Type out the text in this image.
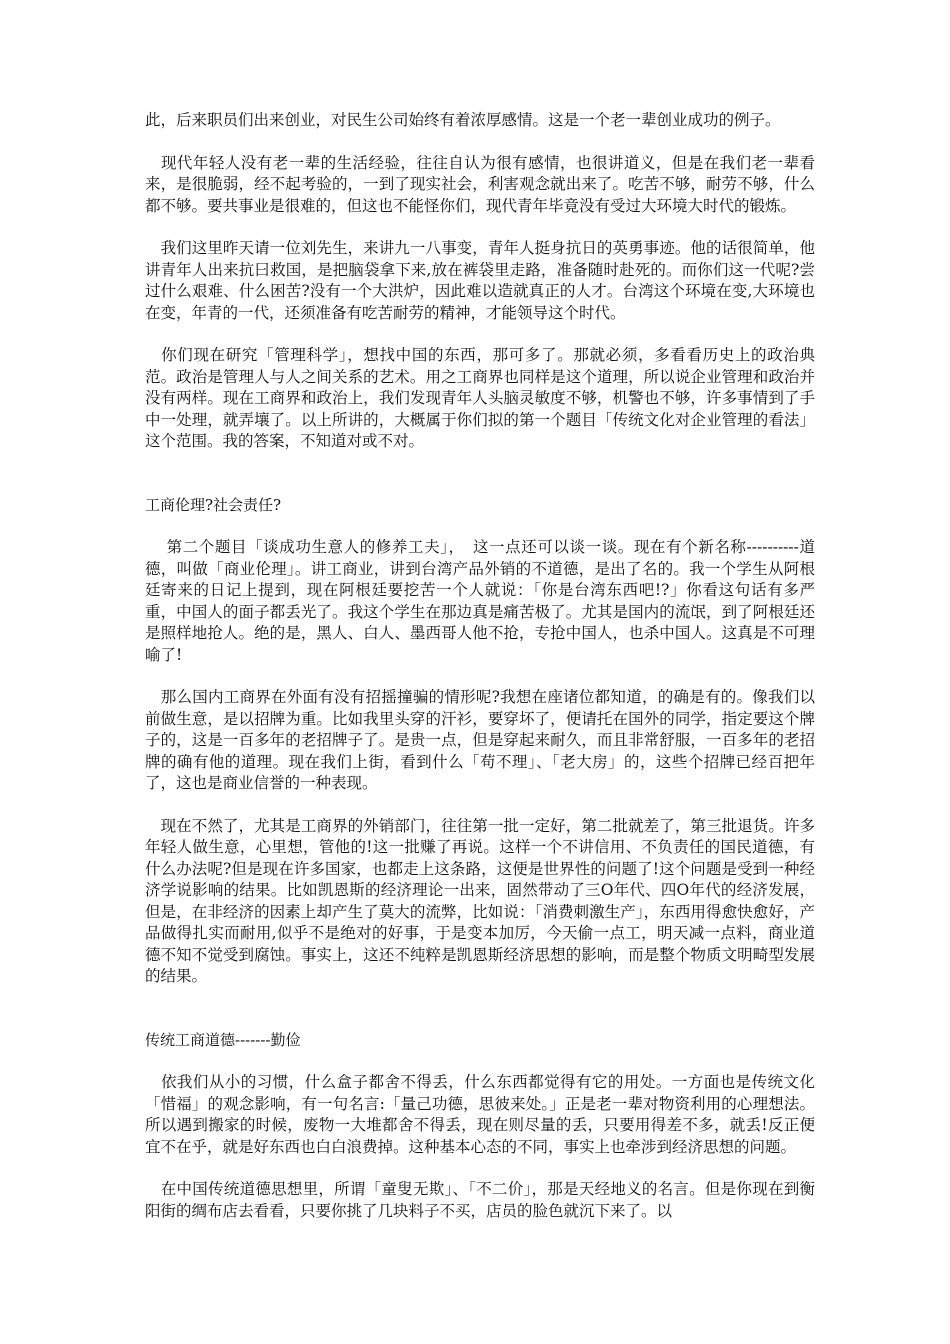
此，后来职员们出来创业，对民生公司始终有着浓厚感情。这是一个老一辈创业成功的例子。

　现代年轻人没有老一辈的生活经验，往往自认为很有感情，也很讲道义，但是在我们老一辈看来，是很脆弱，经不起考验的，一到了现实社会，利害观念就出来了。吃苦不够，耐劳不够，什么都不够。要共事业是很难的，但这也不能怪你们，现代青年毕竟没有受过大环境大时代的锻炼。

　我们这里昨天请一位刘先生，来讲九一八事变，青年人挺身抗日的英勇事迹。他的话很简单，他讲青年人出来抗曰救国，是把脑袋拿下来,放在裤袋里走路，准备随时赴死的。而你们这一代呢?尝过什么艰难、什么困苦?没有一个大洪炉，因此难以造就真正的人才。台湾这个环境在变,大环境也在变，年青的一代，还须准备有吃苦耐劳的精神，才能领导这个时代。

　你们现在研究「管理科学」，想找中国的东西，那可多了。那就必须，多看看历史上的政治典范。政治是管理人与人之间关系的艺术。用之工商界也同样是这个道理，所以说企业管理和政治并没有两样。现在工商界和政治上，我们发现青年人头脑灵敏度不够，机警也不够，许多事情到了手中一处理，就弄壤了。以上所讲的，大概属于你们拟的第一个题目「传统文化对企业管理的看法」这个范围。我的答案，不知道对或不对。

工商伦理?社会责任?

　 第二个题目「谈成功生意人的修养工夫」，　这一点还可以谈一谈。现在有个新名称----------道德，叫做「商业伦理」。讲工商业，讲到台湾产品外销的不道德，是出了名的。我一个学生从阿根廷寄来的日记上提到，现在阿根廷要挖苦一个人就说：「你是台湾东西吧!?」你看这句话有多严重，中国人的面子都丢光了。我这个学生在那边真是痛苦极了。尤其是国内的流氓，到了阿根廷还是照样地抢人。绝的是，黑人、白人、墨西哥人他不抢，专抢中国人，也杀中国人。这真是不可理喻了!

　那么国内工商界在外面有没有招摇撞骗的情形呢?我想在座诸位都知道，的确是有的。像我们以前做生意，是以招牌为重。比如我里头穿的汗衫，要穿坏了，便请托在国外的同学，指定要这个牌子的，这是一百多年的老招牌子了。是贵一点，但是穿起来耐久，而且非常舒服，一百多年的老招牌的确有他的道理。现在我们上街，看到什么「苟不理」、「老大房」的，这些个招牌已经百把年了，这也是商业信誉的一种表现。

　现在不然了，尤其是工商界的外销部门，往往第一批一定好，第二批就差了，第三批退货。许多年轻人做生意，心里想，管他的!这一批赚了再说。这样一个不讲信用、不负责任的国民道德，有什么办法呢?但是现在许多国家，也都走上这条路，这便是世界性的问题了!这个问题是受到一种经济学说影响的结果。比如凯恩斯的经济理论一出来，固然带动了三O年代、四O年代的经济发展，但是，在非经济的因素上却产生了莫大的流弊，比如说：「消费刺激生产」，东西用得愈快愈好，产品做得扎实而耐用,似乎不是绝对的好事，于是变本加厉，今天偷一点工，明天减一点料，商业道德不知不觉受到腐蚀。事实上，这还不纯粹是凯恩斯经济思想的影响，而是整个物质文明畸型发展的结果。

传统工商道德-------勤俭

　依我们从小的习惯，什么盒子都舍不得丢，什么东西都觉得有它的用处。一方面也是传统文化「惜福」的观念影响，有一句名言:「量己功德，思彼来处。」正是老一辈对物资利用的心理想法。所以遇到搬家的时候，废物一大堆都舍不得丢，现在则尽量的丢，只要用得差不多，就丢!反正便宜不在乎，就是好东西也白白浪费掉。这种基本心态的不同，事实上也牵涉到经济思想的问题。

　在中国传统道德思想里，所谓「童叟无欺」、「不二价」，那是天经地义的名言。但是你现在到衡阳街的绸布店去看看，只要你挑了几块料子不买，店员的脸色就沉下来了。以
